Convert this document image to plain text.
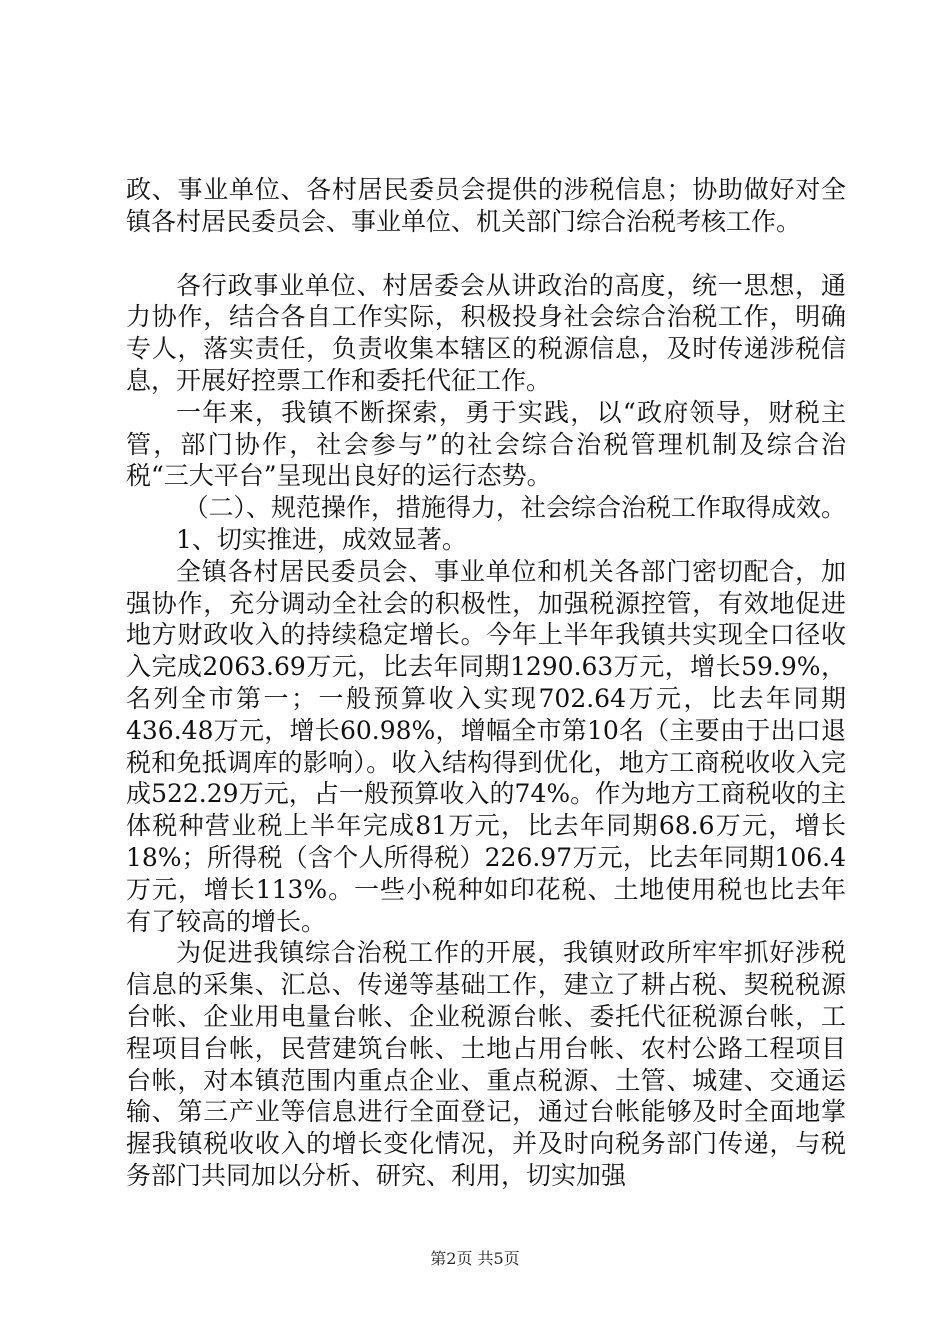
政、事业单位、各村居民委员会提供的涉税信息；协助做好对全镇各村居民委员会、事业单位、机关部门综合治税考核工作。

各行政事业单位、村居委会从讲政治的高度，统一思想，通力协作，结合各自工作实际，积极投身社会综合治税工作，明确专人，落实责任，负责收集本辖区的税源信息，及时传递涉税信息，开展好控票工作和委托代征工作。

一年来，我镇不断探索，勇于实践，以“政府领导，财税主管，部门协作，社会参与”的社会综合治税管理机制及综合治税“三大平台”呈现出良好的运行态势。

（二）、规范操作，措施得力，社会综合治税工作取得成效。

1、切实推进，成效显著。

全镇各村居民委员会、事业单位和机关各部门密切配合，加强协作，充分调动全社会的积极性，加强税源控管，有效地促进地方财政收入的持续稳定增长。今年上半年我镇共实现全口径收入完成2063.69万元，比去年同期1290.63万元，增长59.9%，名列全市第一；一般预算收入实现702.64万元，比去年同期436.48万元，增长60.98%，增幅全市第10名（主要由于出口退税和免抵调库的影响）。收入结构得到优化，地方工商税收收入完成522.29万元，占一般预算收入的74%。作为地方工商税收的主体税种营业税上半年完成81万元，比去年同期68.6万元，增长18%；所得税（含个人所得税）226.97万元，比去年同期106.4万元，增长113%。一些小税种如印花税、土地使用税也比去年有了较高的增长。

为促进我镇综合治税工作的开展，我镇财政所牢牢抓好涉税信息的采集、汇总、传递等基础工作，建立了耕占税、契税税源台帐、企业用电量台帐、企业税源台帐、委托代征税源台帐，工程项目台帐，民营建筑台帐、土地占用台帐、农村公路工程项目台帐，对本镇范围内重点企业、重点税源、土管、城建、交通运输、第三产业等信息进行全面登记，通过台帐能够及时全面地掌握我镇税收收入的增长变化情况，并及时向税务部门传递，与税务部门共同加以分析、研究、利用，切实加强

第2页 共5页
